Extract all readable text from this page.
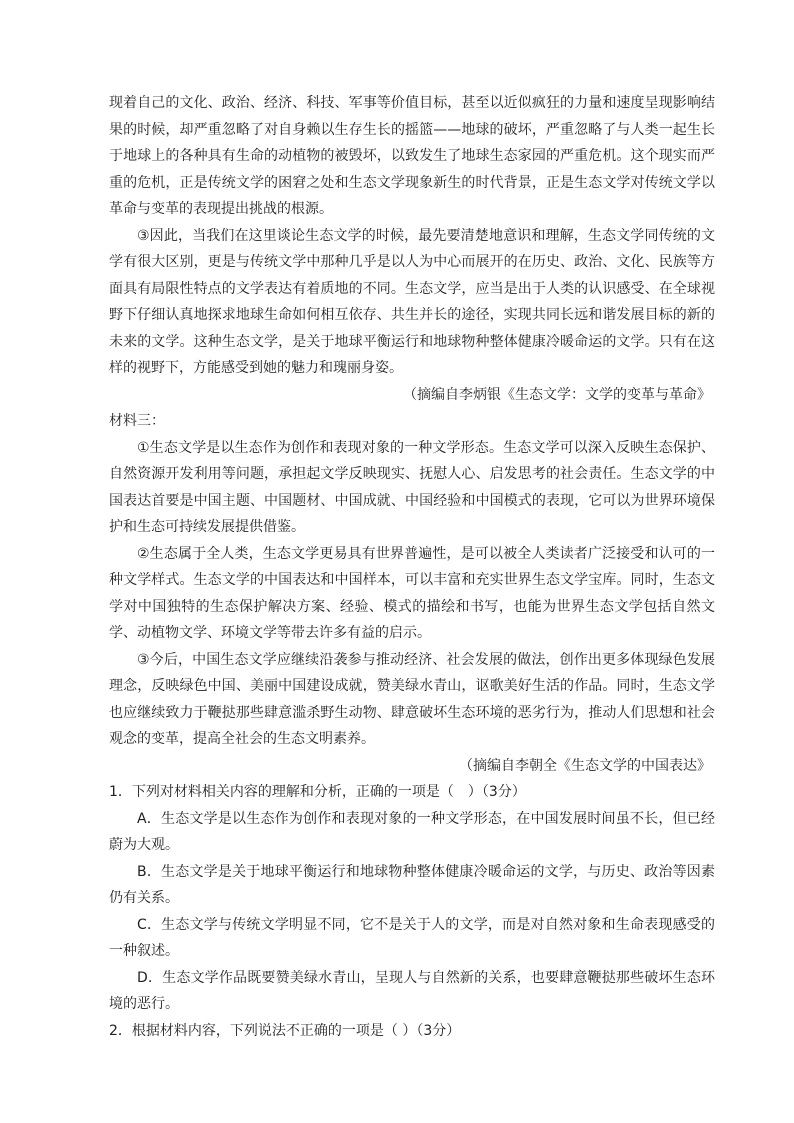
现着自己的文化、政治、经济、科技、军事等价值目标，甚至以近似疯狂的力量和速度呈现影响结果的时候，却严重忽略了对自身赖以生存生长的摇篮——地球的破坏，严重忽略了与人类一起生长于地球上的各种具有生命的动植物的被毁坏，以致发生了地球生态家园的严重危机。这个现实而严重的危机，正是传统文学的困窘之处和生态文学现象新生的时代背景，正是生态文学对传统文学以革命与变革的表现提出挑战的根源。

③因此，当我们在这里谈论生态文学的时候，最先要清楚地意识和理解，生态文学同传统的文学有很大区别，更是与传统文学中那种几乎是以人为中心而展开的在历史、政治、文化、民族等方面具有局限性特点的文学表达有着质地的不同。生态文学，应当是出于人类的认识感受、在全球视野下仔细认真地探求地球生命如何相互依存、共生并长的途径，实现共同长远和谐发展目标的新的未来的文学。这种生态文学，是关于地球平衡运行和地球物种整体健康冷暖命运的文学。只有在这样的视野下，方能感受到她的魅力和瑰丽身姿。

（摘编自李炳银《生态文学：文学的变革与革命》

材料三：

①生态文学是以生态作为创作和表现对象的一种文学形态。生态文学可以深入反映生态保护、自然资源开发利用等问题，承担起文学反映现实、抚慰人心、启发思考的社会责任。生态文学的中国表达首要是中国主题、中国题材、中国成就、中国经验和中国模式的表现，它可以为世界环境保护和生态可持续发展提供借鉴。

②生态属于全人类，生态文学更易具有世界普遍性，是可以被全人类读者广泛接受和认可的一种文学样式。生态文学的中国表达和中国样本，可以丰富和充实世界生态文学宝库。同时，生态文学对中国独特的生态保护解决方案、经验、模式的描绘和书写，也能为世界生态文学包括自然文学、动植物文学、环境文学等带去许多有益的启示。

③今后，中国生态文学应继续沿袭参与推动经济、社会发展的做法，创作出更多体现绿色发展理念，反映绿色中国、美丽中国建设成就，赞美绿水青山，讴歌美好生活的作品。同时，生态文学也应继续致力于鞭挞那些肆意滥杀野生动物、肆意破坏生态环境的恶劣行为，推动人们思想和社会观念的变革，提高全社会的生态文明素养。

（摘编自李朝全《生态文学的中国表达》

1．下列对材料相关内容的理解和分析，正确的一项是（　）（3分）

A．生态文学是以生态作为创作和表现对象的一种文学形态，在中国发展时间虽不长，但已经蔚为大观。

B．生态文学是关于地球平衡运行和地球物种整体健康冷暖命运的文学，与历史、政治等因素仍有关系。

C．生态文学与传统文学明显不同，它不是关于人的文学，而是对自然对象和生命表现感受的一种叙述。

D．生态文学作品既要赞美绿水青山，呈现人与自然新的关系，也要肆意鞭挞那些破坏生态环境的恶行。

2．根据材料内容，下列说法不正确的一项是（ ）（3分）
